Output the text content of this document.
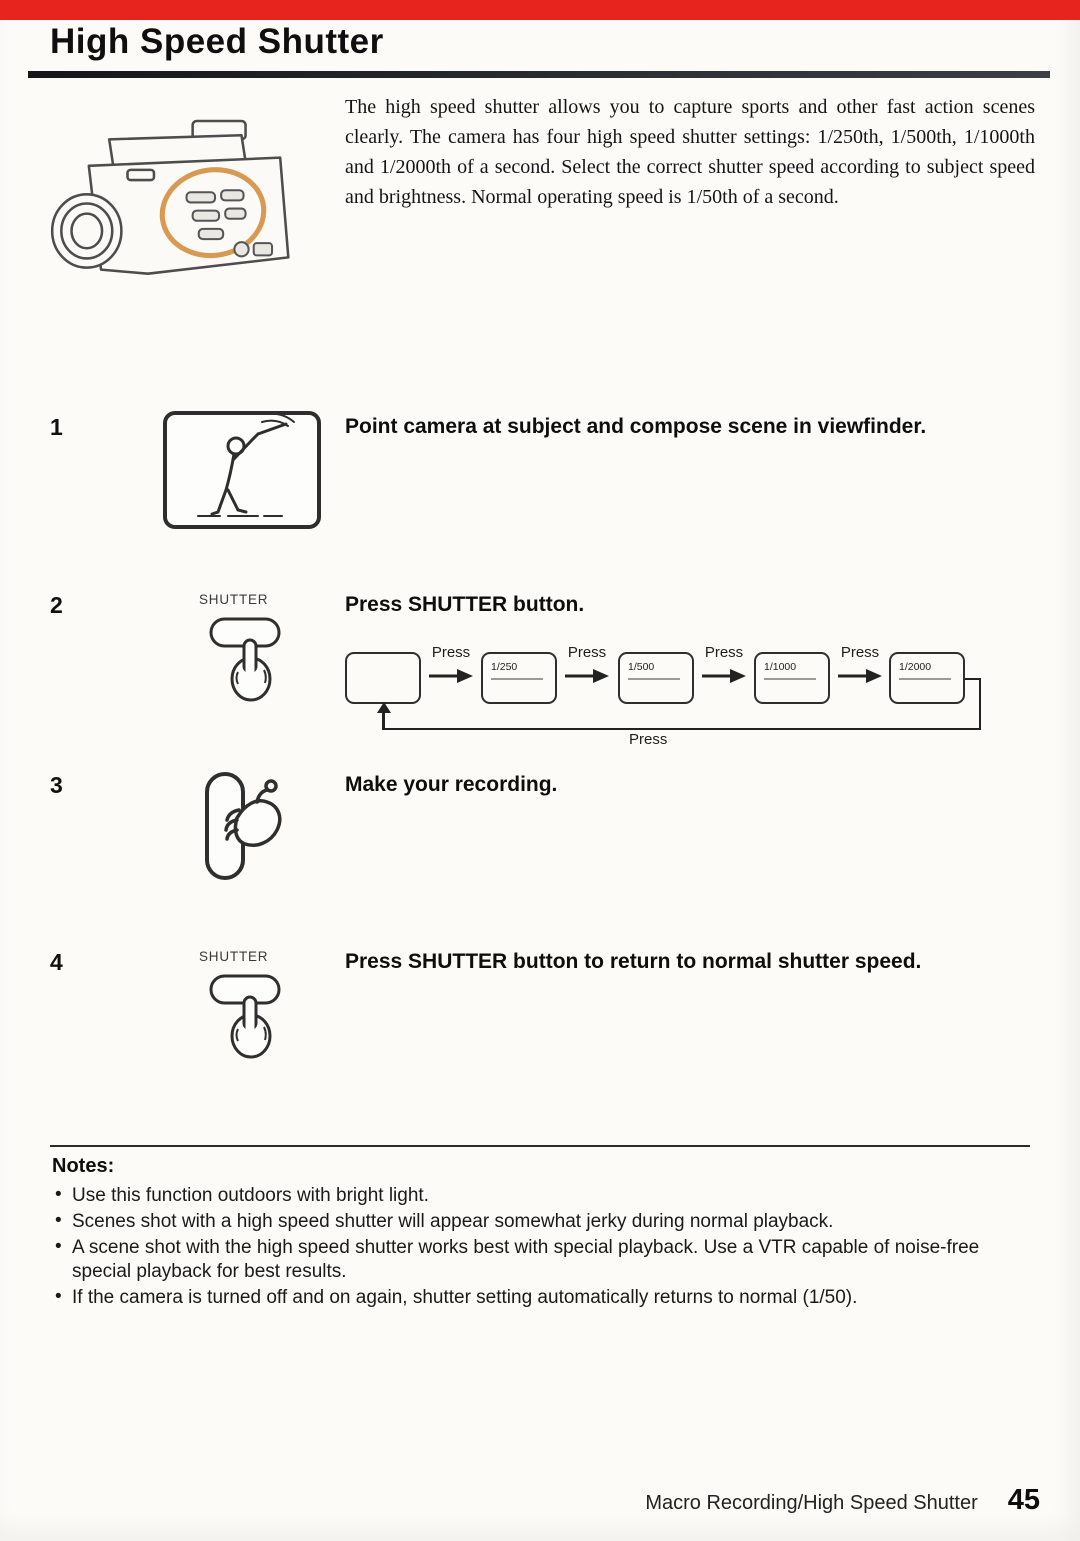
High Speed Shutter

The high speed shutter allows you to capture sports and other fast action scenes clearly. The camera has four high speed shutter settings: 1/250th, 1/500th, 1/1000th and 1/2000th of a second. Select the correct shutter speed according to subject speed and brightness. Normal operating speed is 1/50th of a second.

1	Point camera at subject and compose scene in viewfinder.
2	SHUTTER	Press SHUTTER button.
Press
1/250
Press
1/500
Press
1/1000
Press
1/2000
Press
3	Make your recording.
4	SHUTTER	Press SHUTTER button to return to normal shutter speed.
Notes:
• Use this function outdoors with bright light.
• Scenes shot with a high speed shutter will appear somewhat jerky during normal playback.
• A scene shot with the high speed shutter works best with special playback. Use a VTR capable of noise-free special playback for best results.
• If the camera is turned off and on again, shutter setting automatically returns to normal (1/50).
Macro Recording/High Speed Shutter 45
